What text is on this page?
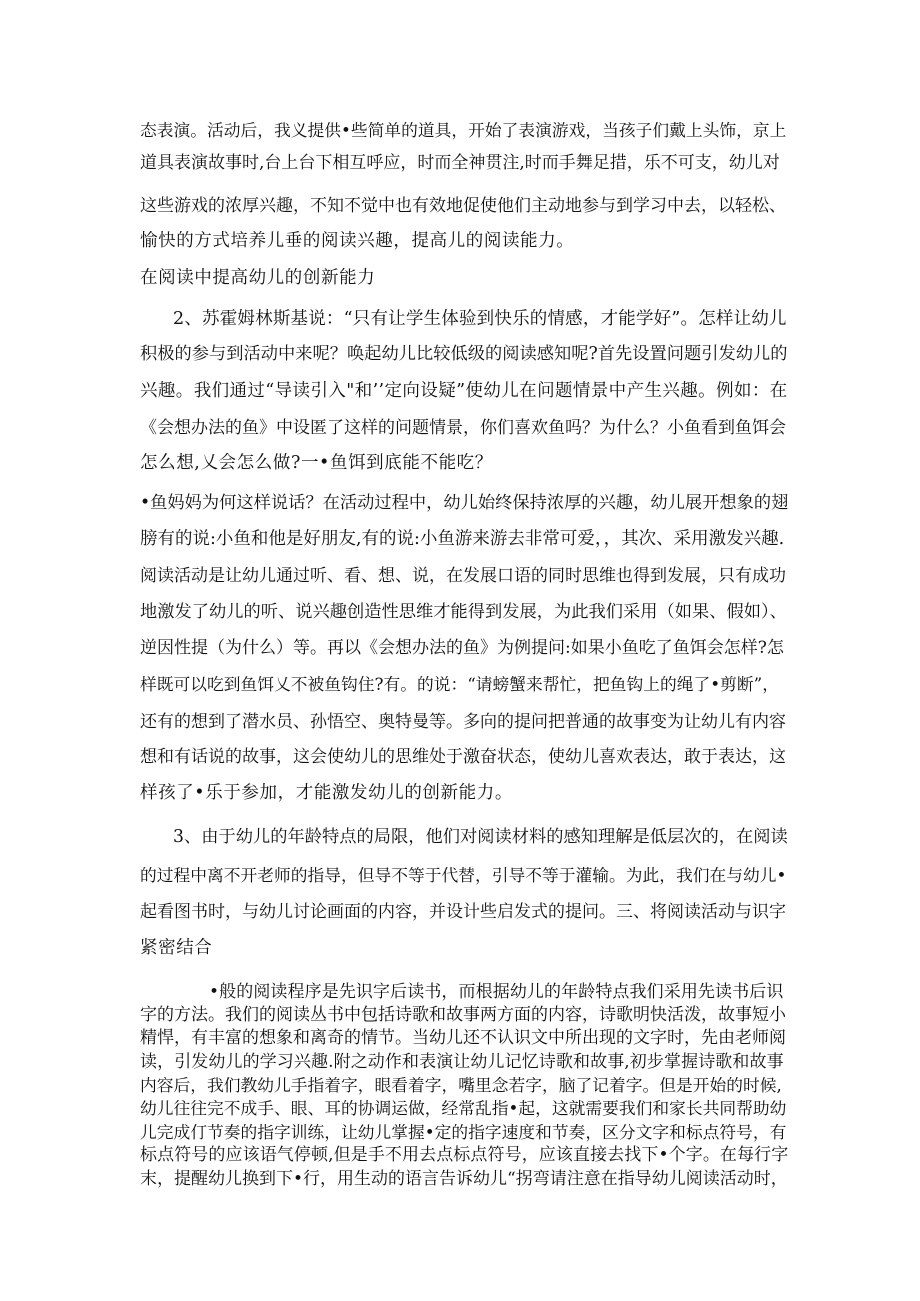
态表演。活动后，我义提供•些简单的道具，开始了表演游戏，当孩子们戴上头饰，京上
道具表演故事时,台上台下相互呼应，时而全神贯注,时而手舞足措，乐不可支，幼儿对
这些游戏的浓厚兴趣，不知不觉中也有效地促使他们主动地参与到学习中去，以轻松、
愉快的方式培养儿垂的阅读兴趣，提高儿的阅读能力。
在阅读中提高幼儿的创新能力
2、苏霍姆林斯基说：“只有让学生体验到快乐的情感，才能学好”。怎样让幼儿
积极的参与到活动中来呢？唤起幼儿比较低级的阅读感知呢?首先设置问题引发幼儿的
兴趣。我们通过“导读引入"和’’定向设疑”使幼儿在问题情景中产生兴趣。例如：在
《会想办法的鱼》中设匿了这样的问题情景，你们喜欢鱼吗？为什么？小鱼看到鱼饵会
怎么想,乂会怎么做?一•鱼饵到底能不能吃？
•鱼妈妈为何这样说话？在活动过程中，幼儿始终保持浓厚的兴趣，幼儿展开想象的翅
膀有的说:小鱼和他是好朋友,有的说:小鱼游来游去非常可爱，，其次、采用激发兴趣.
阅读活动是让幼儿通过听、看、想、说，在发展口语的同时思维也得到发展，只有成功
地激发了幼儿的听、说兴趣创造性思维才能得到发展，为此我们采用（如果、假如）、
逆因性提（为什么）等。再以《会想办法的鱼》为例提问:如果小鱼吃了鱼饵会怎样?怎
样既可以吃到鱼饵乂不被鱼钩住?有。的说：“请螃蟹来帮忙，把鱼钩上的绳了•剪断”，
还有的想到了潜水员、孙悟空、奥特曼等。多向的提问把普通的故事变为让幼儿有内容
想和有话说的故事，这会使幼儿的思维处于激奋状态，使幼儿喜欢表达，敢于表达，这
样孩了•乐于参加，才能激发幼儿的创新能力。
3、由于幼儿的年龄特点的局限，他们对阅读材料的感知理解是低层次的，在阅读
的过程中离不开老师的指导，但导不等于代替，引导不等于灌输。为此，我们在与幼儿•
起看图书时，与幼儿讨论画面的内容，并设计些启发式的提问。三、将阅读活动与识字
紧密结合
•般的阅读程序是先识字后读书，而根据幼儿的年龄特点我们采用先读书后识
字的方法。我们的阅读丛书中包括诗歌和故事两方面的内容，诗歌明快活泼，故事短小
精悍，有丰富的想象和离奇的情节。当幼儿还不认识文中所出现的文字时，先由老师阅
读，引发幼儿的学习兴趣.附之动作和表演让幼儿记忆诗歌和故事,初步掌握诗歌和故事
内容后，我们教幼儿手指着字，眼看着字，嘴里念若字，脑了记着字。但是开始的时候,
幼儿往往完不成手、眼、耳的协调运做，经常乱指•起，这就需要我们和家长共同帮助幼
儿完成仃节奏的指字训练，让幼儿掌握•定的指字速度和节奏，区分文字和标点符号，有
标点符号的应该语气停顿,但是手不用去点标点符号，应该直接去找下•个字。在每行字
末，提醒幼儿换到下•行，用生动的语言告诉幼儿“拐弯请注意在指导幼儿阅读活动时，
